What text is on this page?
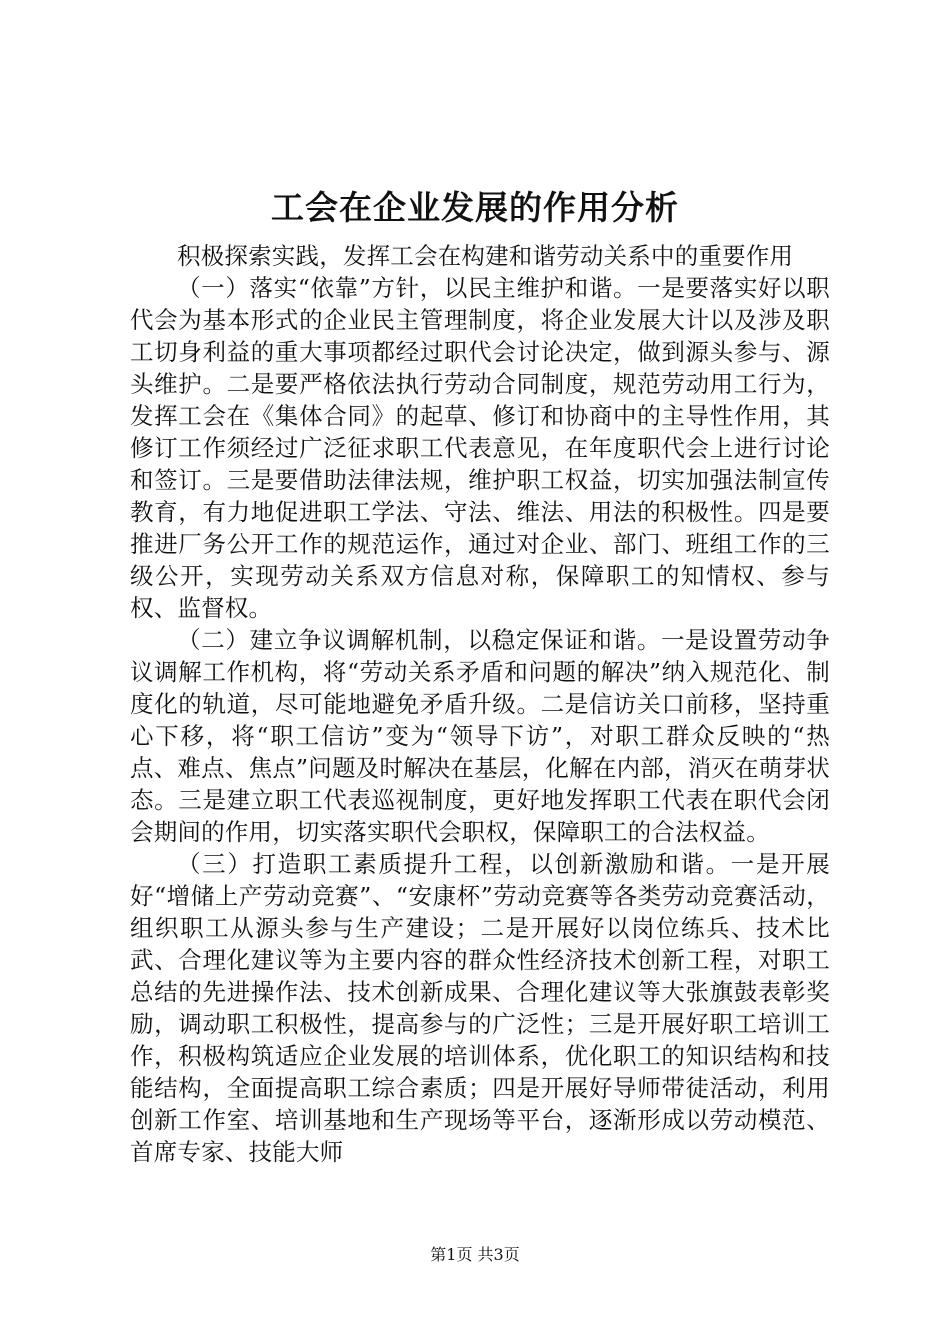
工会在企业发展的作用分析

积极探索实践，发挥工会在构建和谐劳动关系中的重要作用

（一）落实“依靠”方针，以民主维护和谐。一是要落实好以职代会为基本形式的企业民主管理制度，将企业发展大计以及涉及职工切身利益的重大事项都经过职代会讨论决定，做到源头参与、源头维护。二是要严格依法执行劳动合同制度，规范劳动用工行为，发挥工会在《集体合同》的起草、修订和协商中的主导性作用，其修订工作须经过广泛征求职工代表意见，在年度职代会上进行讨论和签订。三是要借助法律法规，维护职工权益，切实加强法制宣传教育，有力地促进职工学法、守法、维法、用法的积极性。四是要推进厂务公开工作的规范运作，通过对企业、部门、班组工作的三级公开，实现劳动关系双方信息对称，保障职工的知情权、参与权、监督权。

（二）建立争议调解机制，以稳定保证和谐。一是设置劳动争议调解工作机构，将“劳动关系矛盾和问题的解决”纳入规范化、制度化的轨道，尽可能地避免矛盾升级。二是信访关口前移，坚持重心下移，将“职工信访”变为“领导下访”，对职工群众反映的“热点、难点、焦点”问题及时解决在基层，化解在内部，消灭在萌芽状态。三是建立职工代表巡视制度，更好地发挥职工代表在职代会闭会期间的作用，切实落实职代会职权，保障职工的合法权益。

（三）打造职工素质提升工程，以创新激励和谐。一是开展好“增储上产劳动竞赛”、“安康杯”劳动竞赛等各类劳动竞赛活动，组织职工从源头参与生产建设；二是开展好以岗位练兵、技术比武、合理化建议等为主要内容的群众性经济技术创新工程，对职工总结的先进操作法、技术创新成果、合理化建议等大张旗鼓表彰奖励，调动职工积极性，提高参与的广泛性；三是开展好职工培训工作，积极构筑适应企业发展的培训体系，优化职工的知识结构和技能结构，全面提高职工综合素质；四是开展好导师带徒活动，利用创新工作室、培训基地和生产现场等平台，逐渐形成以劳动模范、首席专家、技能大师

第1页 共3页
